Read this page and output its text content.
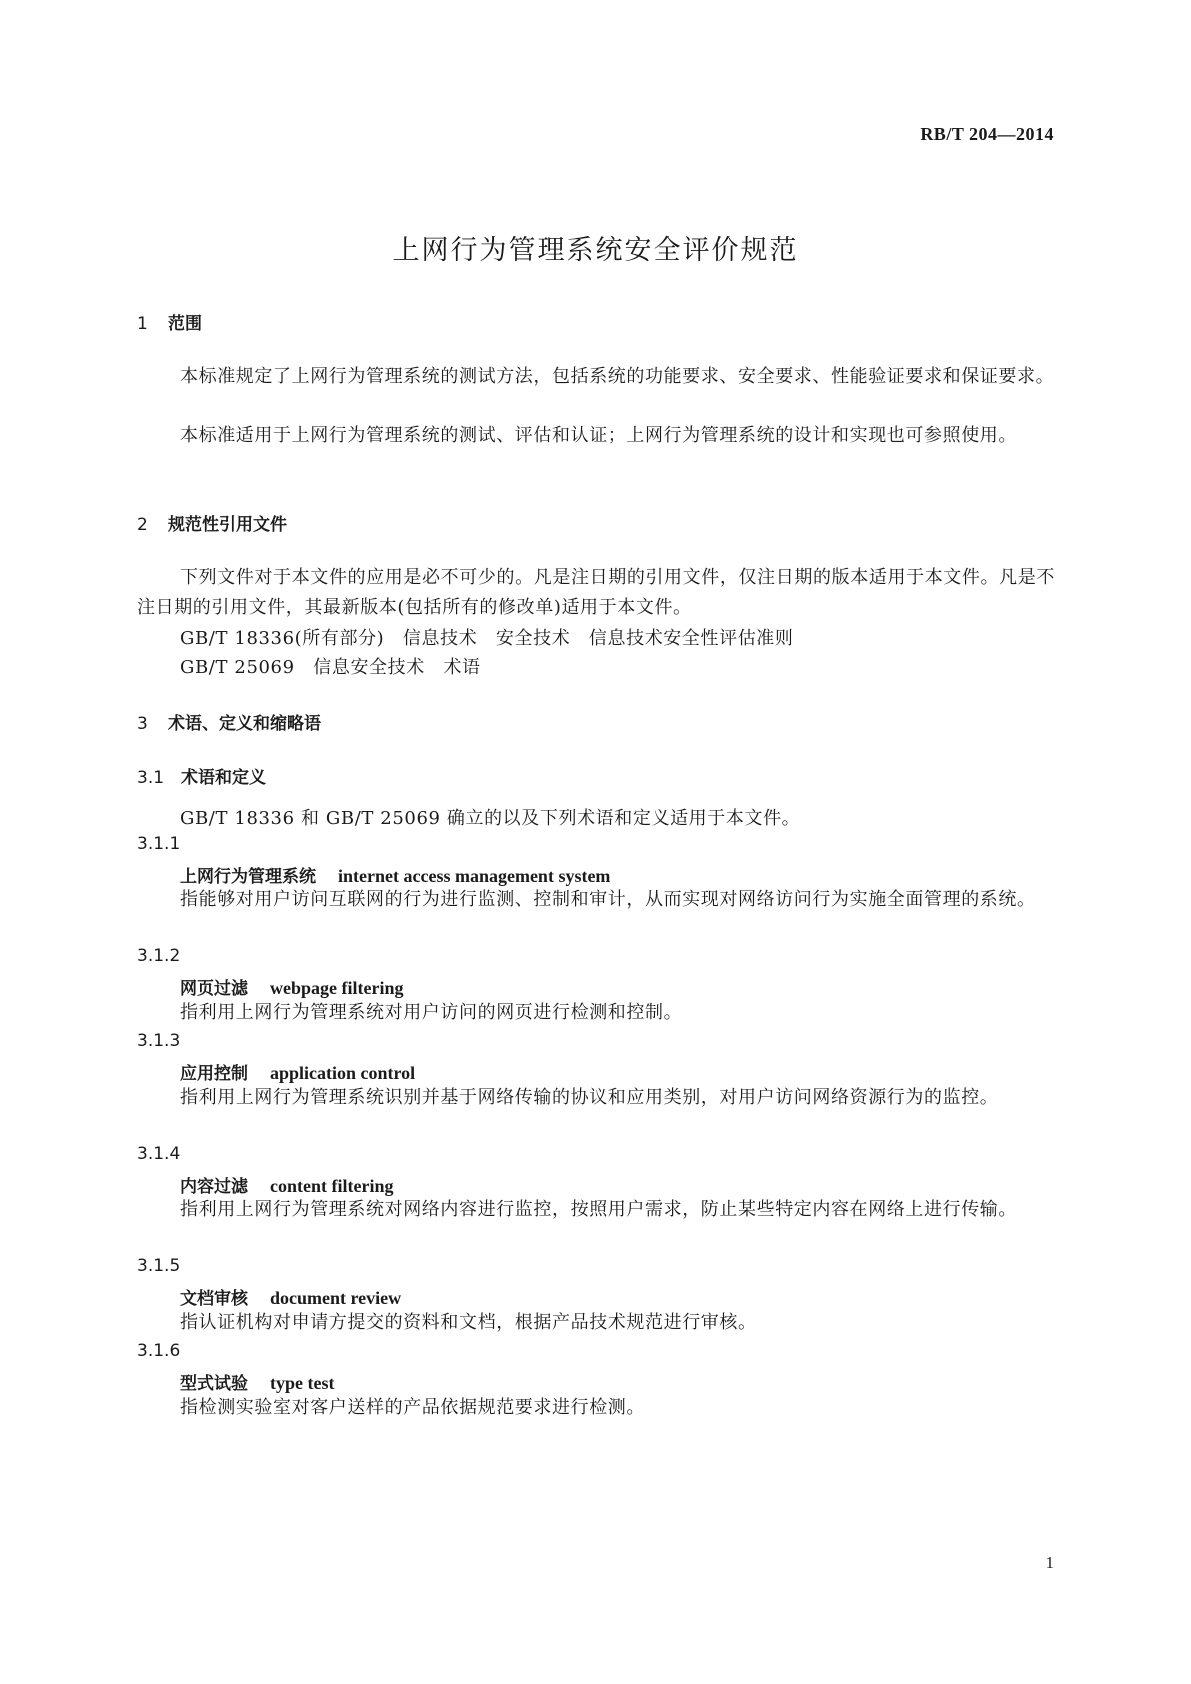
RB/T 204—2014
上网行为管理系统安全评价规范
1 范围
本标准规定了上网行为管理系统的测试方法，包括系统的功能要求、安全要求、性能验证要求和保证要求。
本标准适用于上网行为管理系统的测试、评估和认证；上网行为管理系统的设计和实现也可参照使用。
2 规范性引用文件
下列文件对于本文件的应用是必不可少的。凡是注日期的引用文件，仅注日期的版本适用于本文件。凡是不注日期的引用文件，其最新版本(包括所有的修改单)适用于本文件。
GB/T 18336(所有部分)　信息技术　安全技术　信息技术安全性评估准则
GB/T 25069　信息安全技术　术语
3 术语、定义和缩略语
3.1 术语和定义
GB/T 18336 和 GB/T 25069 确立的以及下列术语和定义适用于本文件。
3.1.1
上网行为管理系统 internet access management system
指能够对用户访问互联网的行为进行监测、控制和审计，从而实现对网络访问行为实施全面管理的系统。
3.1.2
网页过滤 webpage filtering
指利用上网行为管理系统对用户访问的网页进行检测和控制。
3.1.3
应用控制 application control
指利用上网行为管理系统识别并基于网络传输的协议和应用类别，对用户访问网络资源行为的监控。
3.1.4
内容过滤 content filtering
指利用上网行为管理系统对网络内容进行监控，按照用户需求，防止某些特定内容在网络上进行传输。
3.1.5
文档审核 document review
指认证机构对申请方提交的资料和文档，根据产品技术规范进行审核。
3.1.6
型式试验 type test
指检测实验室对客户送样的产品依据规范要求进行检测。
1
